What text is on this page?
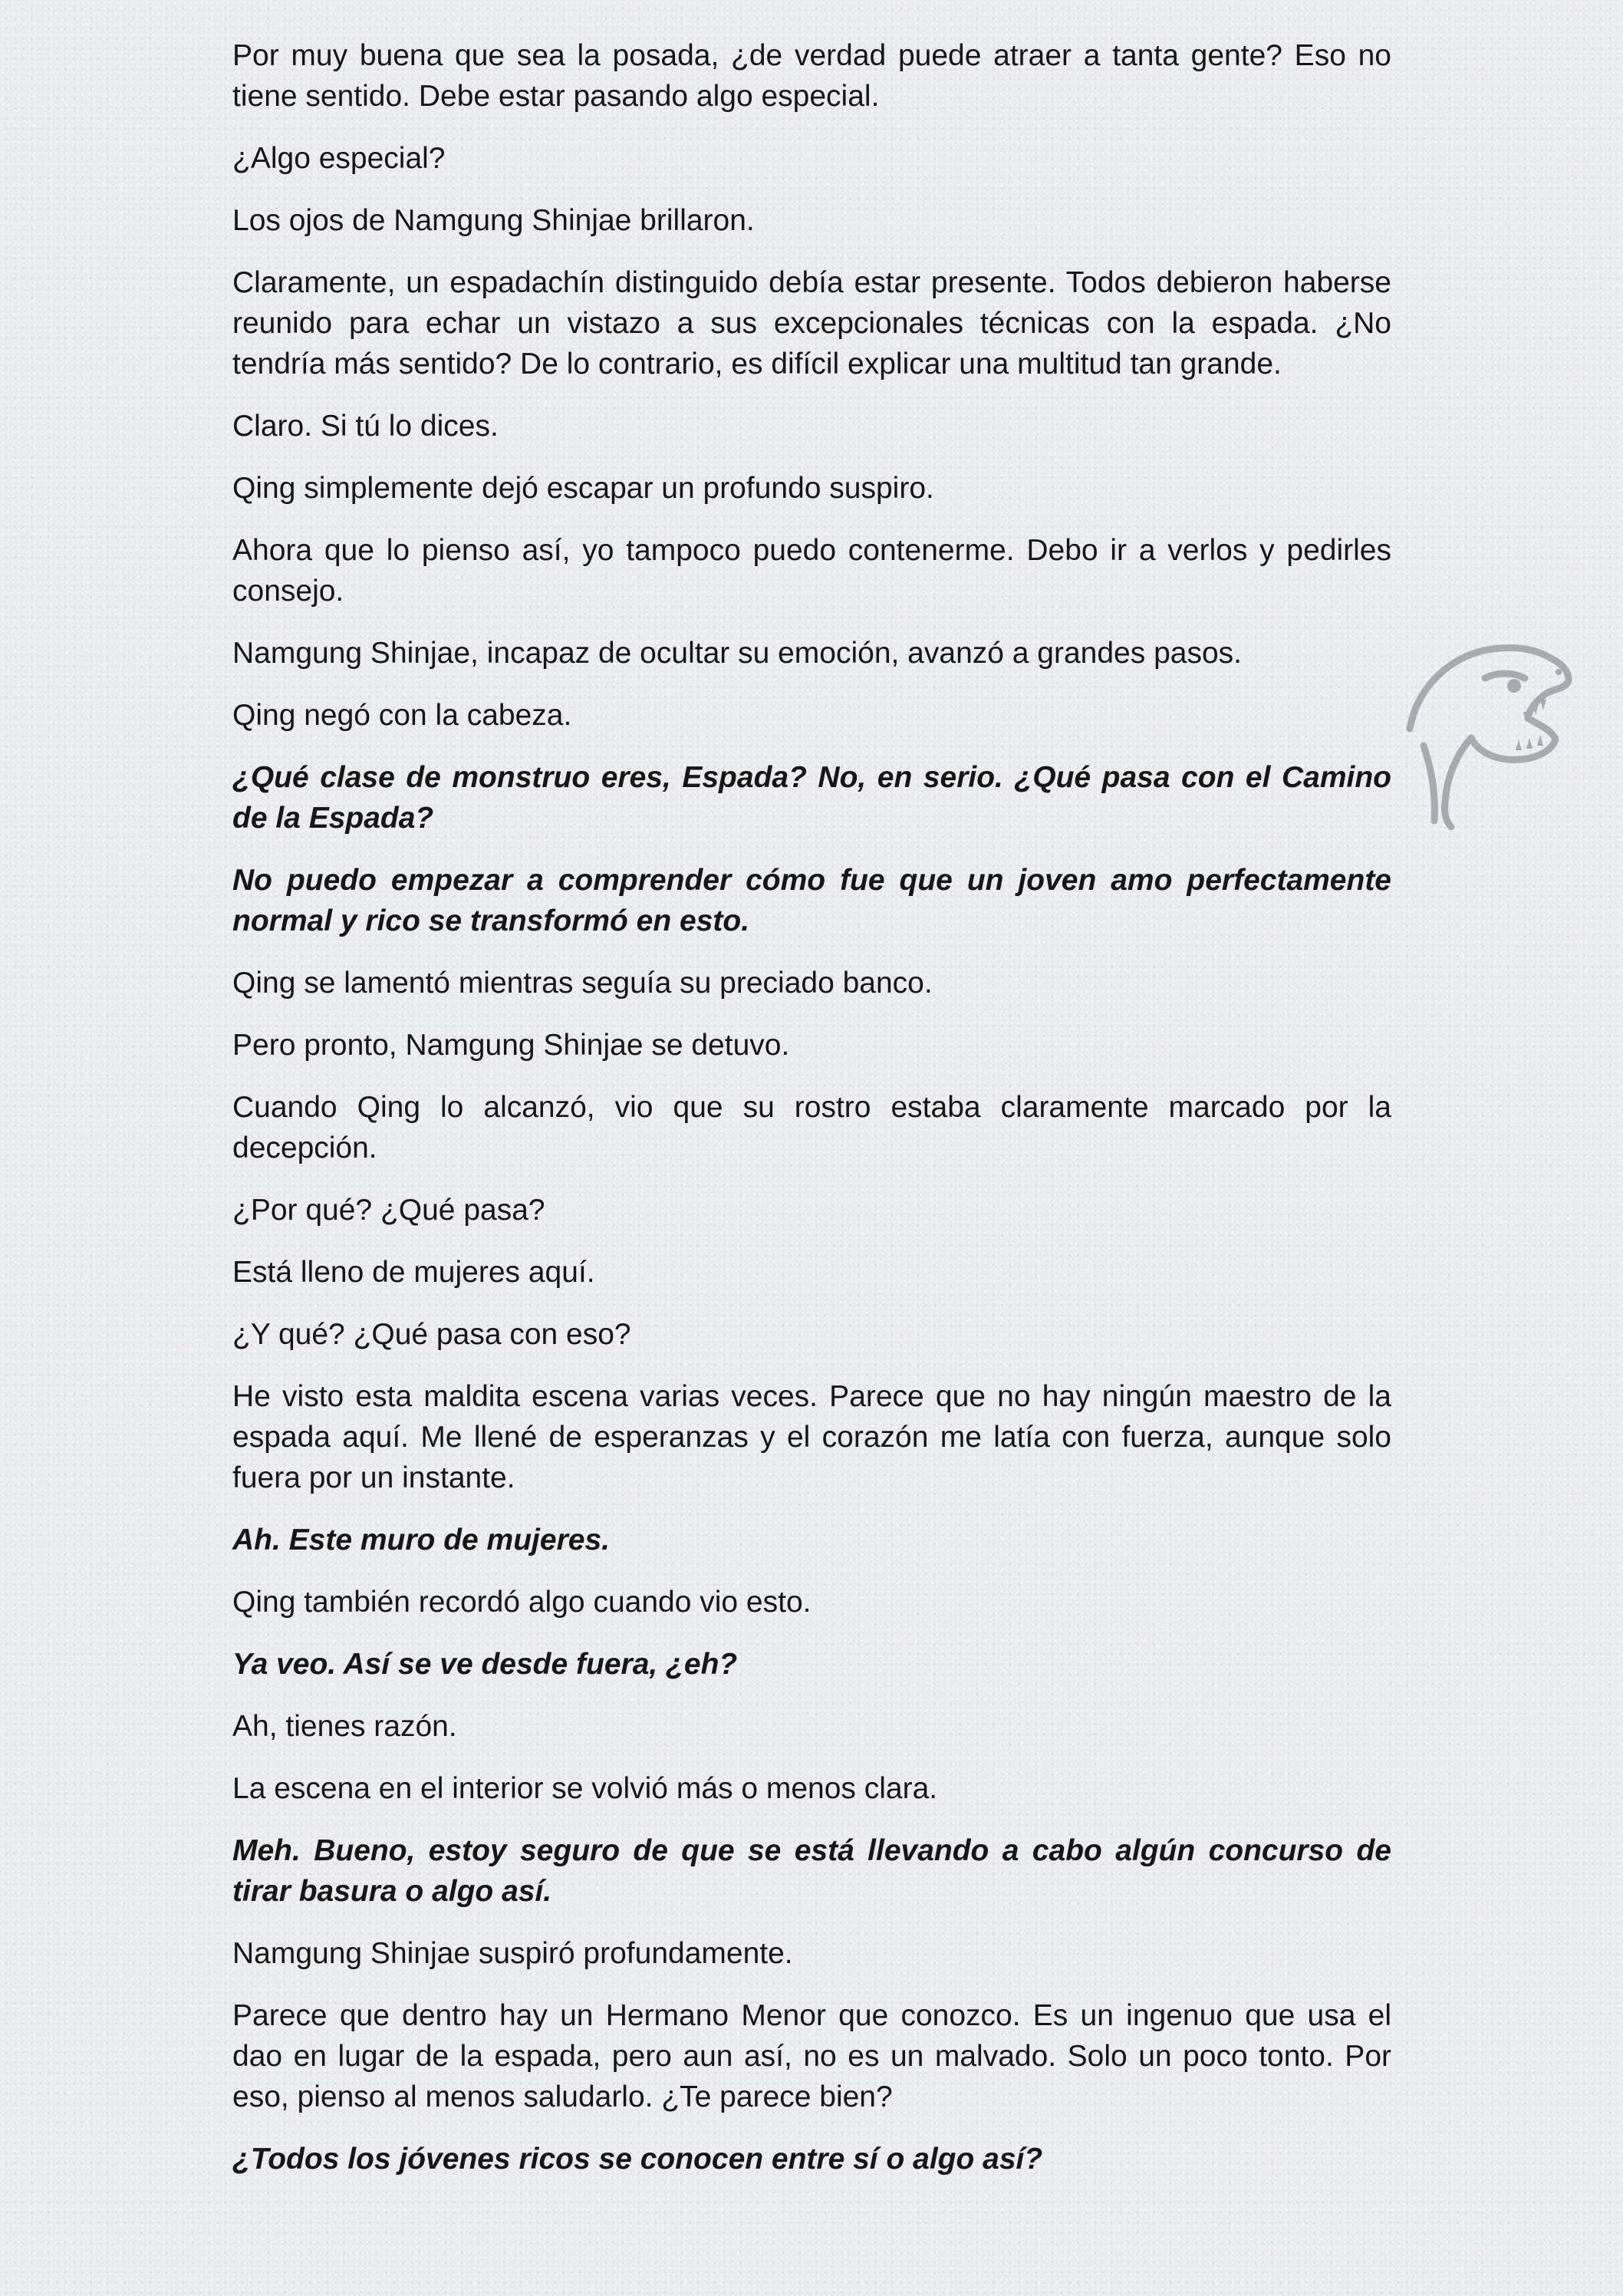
Por muy buena que sea la posada, ¿de verdad puede atraer a tanta gente? Eso no tiene sentido. Debe estar pasando algo especial.

¿Algo especial?

Los ojos de Namgung Shinjae brillaron.

Claramente, un espadachín distinguido debía estar presente. Todos debieron haberse reunido para echar un vistazo a sus excepcionales técnicas con la espada. ¿No tendría más sentido? De lo contrario, es difícil explicar una multitud tan grande.

Claro. Si tú lo dices.

Qing simplemente dejó escapar un profundo suspiro.

Ahora que lo pienso así, yo tampoco puedo contenerme. Debo ir a verlos y pedirles consejo.

Namgung Shinjae, incapaz de ocultar su emoción, avanzó a grandes pasos.

Qing negó con la cabeza.

¿Qué clase de monstruo eres, Espada? No, en serio. ¿Qué pasa con el Camino de la Espada?

No puedo empezar a comprender cómo fue que un joven amo perfectamente normal y rico se transformó en esto.

Qing se lamentó mientras seguía su preciado banco.

Pero pronto, Namgung Shinjae se detuvo.

Cuando Qing lo alcanzó, vio que su rostro estaba claramente marcado por la decepción.

¿Por qué? ¿Qué pasa?

Está lleno de mujeres aquí.

¿Y qué? ¿Qué pasa con eso?

He visto esta maldita escena varias veces. Parece que no hay ningún maestro de la espada aquí. Me llené de esperanzas y el corazón me latía con fuerza, aunque solo fuera por un instante.

Ah. Este muro de mujeres.

Qing también recordó algo cuando vio esto.

Ya veo. Así se ve desde fuera, ¿eh?

Ah, tienes razón.

La escena en el interior se volvió más o menos clara.

Meh. Bueno, estoy seguro de que se está llevando a cabo algún concurso de tirar basura o algo así.

Namgung Shinjae suspiró profundamente.

Parece que dentro hay un Hermano Menor que conozco. Es un ingenuo que usa el dao en lugar de la espada, pero aun así, no es un malvado. Solo un poco tonto. Por eso, pienso al menos saludarlo. ¿Te parece bien?

¿Todos los jóvenes ricos se conocen entre sí o algo así?
